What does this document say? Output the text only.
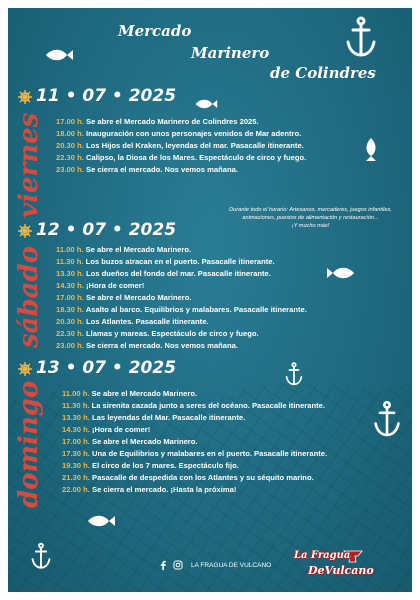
Mercado
Marinero
de Colindres
11 • 07 • 2025
viernes 17.00 h. Se abre el Mercado Marinero de Colindres 2025.
18.00 h. Inauguración con unos personajes venidos de Mar adentro.
20.30 h. Los Hijos del Kraken, leyendas del mar. Pasacalle itinerante.
22.30 h. Calipso, la Diosa de los Mares. Espectáculo de circo y fuego.
23.00 h. Se cierra el mercado. Nos vemos mañana.
Durante todo el horario: Artesanos, mercaderes, juegos infantiles,
animaciones, puestos de alimentación y restauración...
¡Y mucho más!
12 • 07 • 2025
sábado 11.00 h. Se abre el Mercado Marinero.
11.30 h. Los buzos atracan en el puerto. Pasacalle itinerante.
13.30 h. Los dueños del fondo del mar. Pasacalle itinerante.
14.30 h. ¡Hora de comer!
17.00 h. Se abre el Mercado Marinero.
18.30 h. Asalto al barco. Equilibrios y malabares. Pasacalle itinerante.
20.30 h. Los Atlantes. Pasacalle itinerante.
22.30 h. Llamas y mareas. Espectáculo de circo y fuego.
23.00 h. Se cierra el mercado. Nos vemos mañana.
13 • 07 • 2025
domingo 11.00 h. Se abre el Mercado Marinero.
11.30 h. La sirenita cazada junto a seres del océano. Pasacalle itinerante.
13.30 h. Las leyendas del Mar. Pasacalle itinerante.
14.30 h. ¡Hora de comer!
17.00 h. Se abre el Mercado Marinero.
17.30 h. Una de Equilibrios y malabares en el puerto. Pasacalle itinerante.
19.30 h. El circo de los 7 mares. Espectáculo fijo.
21.30 h. Pasacalle de despedida con los Atlantes y su séquito marino.
22.00 h. Se cierra el mercado. ¡Hasta la próxima!
LA FRAGUA DE VULCANO
La Fragua
DeVulcano
